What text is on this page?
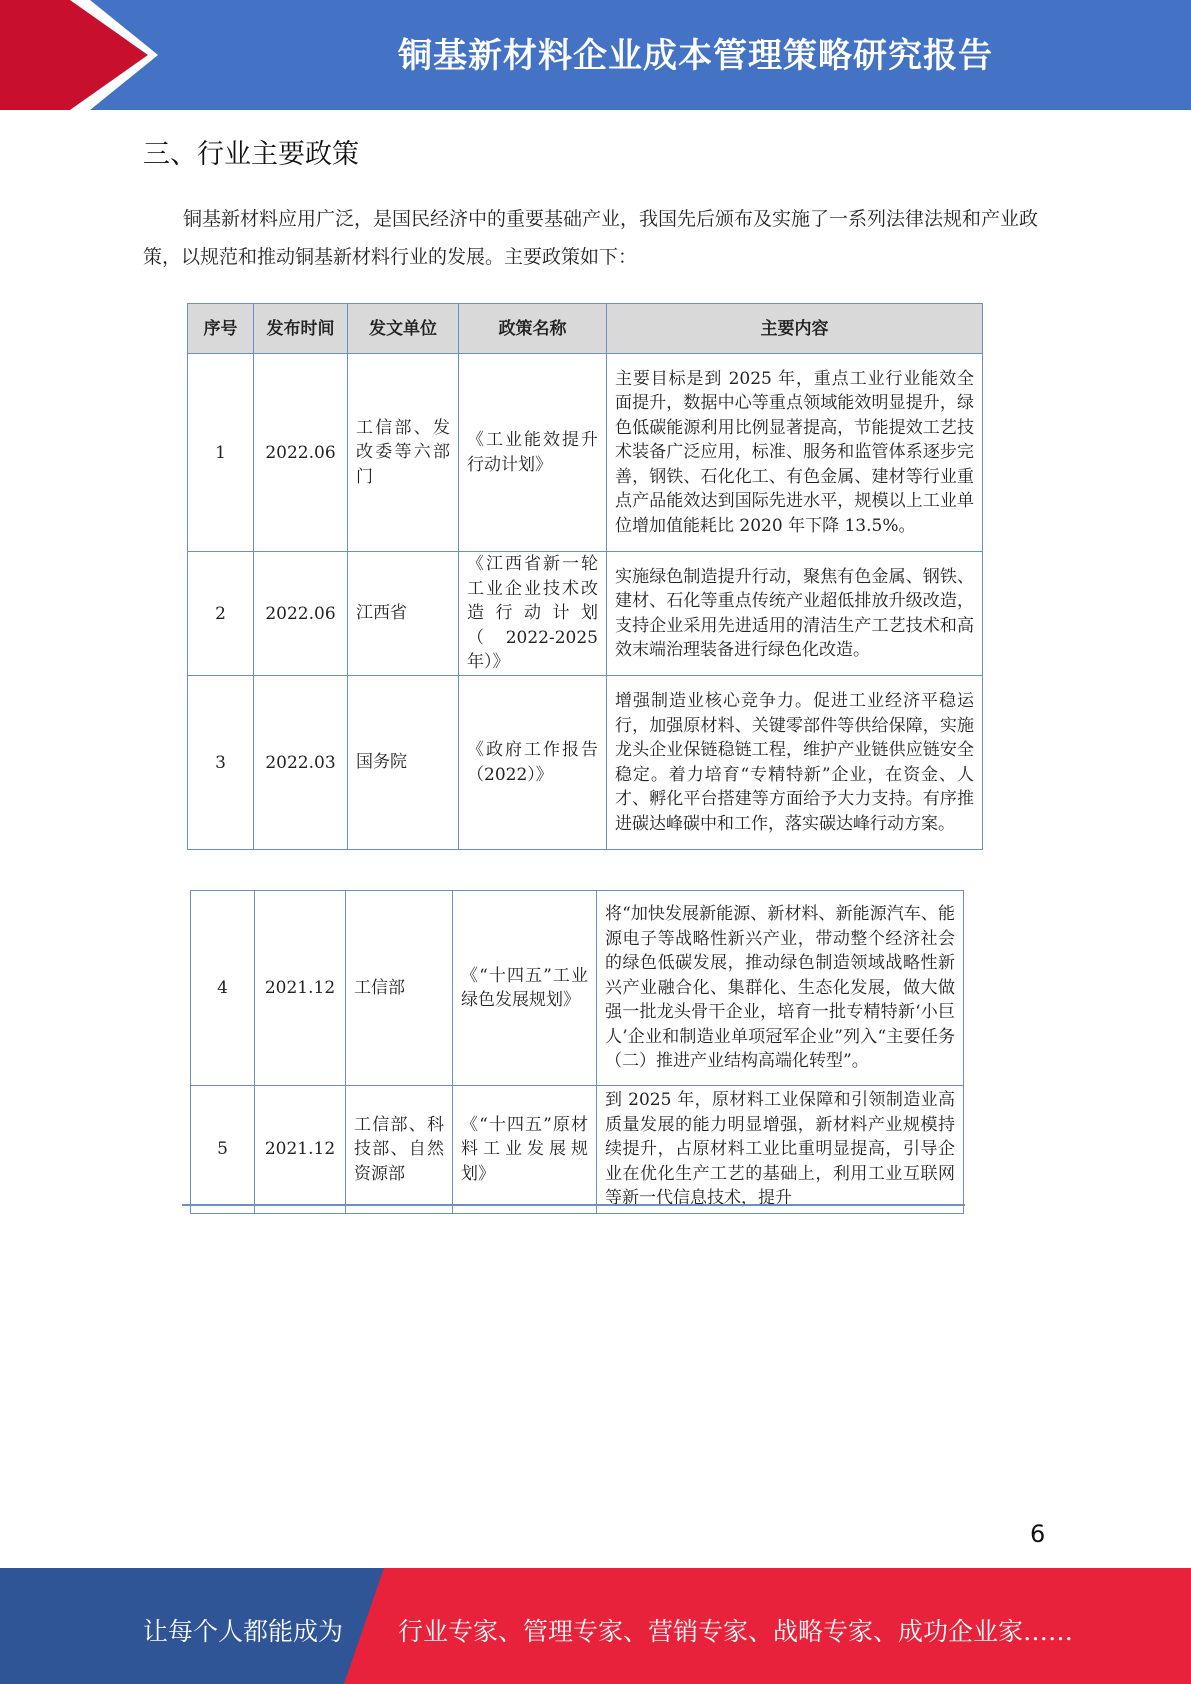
铜基新材料企业成本管理策略研究报告
三、行业主要政策
铜基新材料应用广泛，是国民经济中的重要基础产业，我国先后颁布及实施了一系列法律法规和产业政策，以规范和推动铜基新材料行业的发展。主要政策如下：
序号	发布时间	发文单位	政策名称	主要内容
1	2022.06	工信部、发改委等六部门	《工业能效提升行动计划》	主要目标是到 2025 年，重点工业行业能效全面提升，数据中心等重点领域能效明显提升，绿色低碳能源利用比例显著提高，节能提效工艺技术装备广泛应用，标准、服务和监管体系逐步完善，钢铁、石化化工、有色金属、建材等行业重点产品能效达到国际先进水平，规模以上工业单位增加值能耗比 2020 年下降 13.5%。
2	2022.06	江西省	《江西省新一轮工业企业技术改造行动计划（2022-2025年）》	实施绿色制造提升行动，聚焦有色金属、钢铁、建材、石化等重点传统产业超低排放升级改造，支持企业采用先进适用的清洁生产工艺技术和高效末端治理装备进行绿色化改造。
3	2022.03	国务院	《政府工作报告（2022）》	增强制造业核心竞争力。促进工业经济平稳运行，加强原材料、关键零部件等供给保障，实施龙头企业保链稳链工程，维护产业链供应链安全稳定。着力培育“专精特新”企业，在资金、人才、孵化平台搭建等方面给予大力支持。有序推进碳达峰碳中和工作，落实碳达峰行动方案。
4	2021.12	工信部	《“十四五”工业绿色发展规划》	将“加快发展新能源、新材料、新能源汽车、能源电子等战略性新兴产业，带动整个经济社会的绿色低碳发展，推动绿色制造领域战略性新兴产业融合化、集群化、生态化发展，做大做强一批龙头骨干企业，培育一批专精特新‘小巨人’企业和制造业单项冠军企业”列入“主要任务（二）推进产业结构高端化转型”。
5	2021.12	工信部、科技部、自然资源部	《“十四五”原材料工业发展规划》	到 2025 年，原材料工业保障和引领制造业高质量发展的能力明显增强，新材料产业规模持续提升，占原材料工业比重明显提高，引导企业在优化生产工艺的基础上，利用工业互联网等新一代信息技术，提升
6
让每个人都能成为 行业专家、管理专家、营销专家、战略专家、成功企业家……
